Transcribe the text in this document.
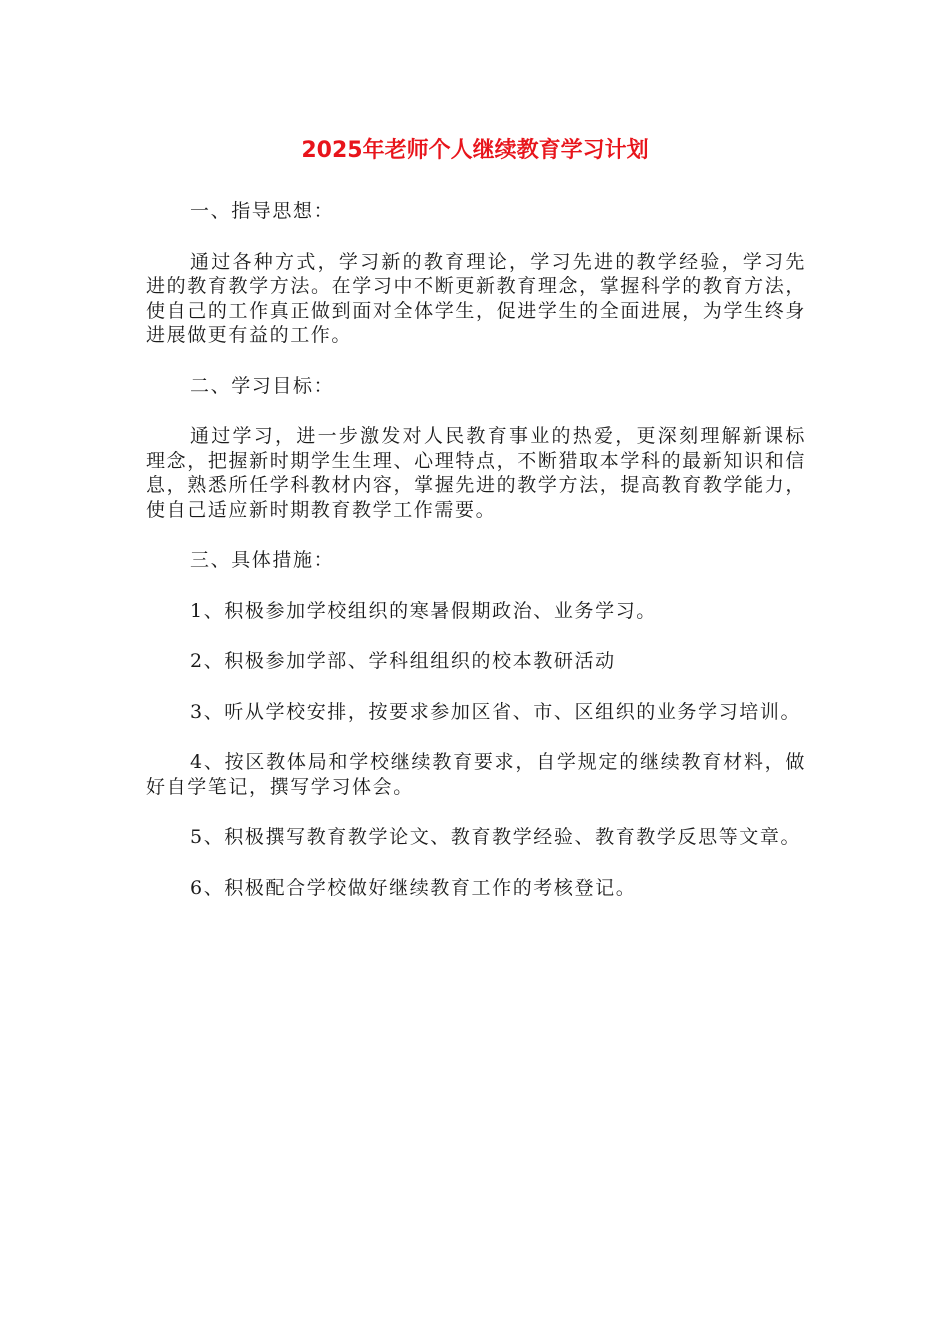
2025年老师个人继续教育学习计划

一、指导思想：

通过各种方式，学习新的教育理论，学习先进的教学经验，学习先进的教育教学方法。在学习中不断更新教育理念，掌握科学的教育方法，使自己的工作真正做到面对全体学生，促进学生的全面进展，为学生终身进展做更有益的工作。

二、学习目标：

通过学习，进一步激发对人民教育事业的热爱，更深刻理解新课标理念，把握新时期学生生理、心理特点，不断猎取本学科的最新知识和信息，熟悉所任学科教材内容，掌握先进的教学方法，提高教育教学能力，使自己适应新时期教育教学工作需要。

三、具体措施：

1、积极参加学校组织的寒暑假期政治、业务学习。

2、积极参加学部、学科组组织的校本教研活动

3、听从学校安排，按要求参加区省、市、区组织的业务学习培训。

4、按区教体局和学校继续教育要求，自学规定的继续教育材料，做好自学笔记，撰写学习体会。

5、积极撰写教育教学论文、教育教学经验、教育教学反思等文章。

6、积极配合学校做好继续教育工作的考核登记。
